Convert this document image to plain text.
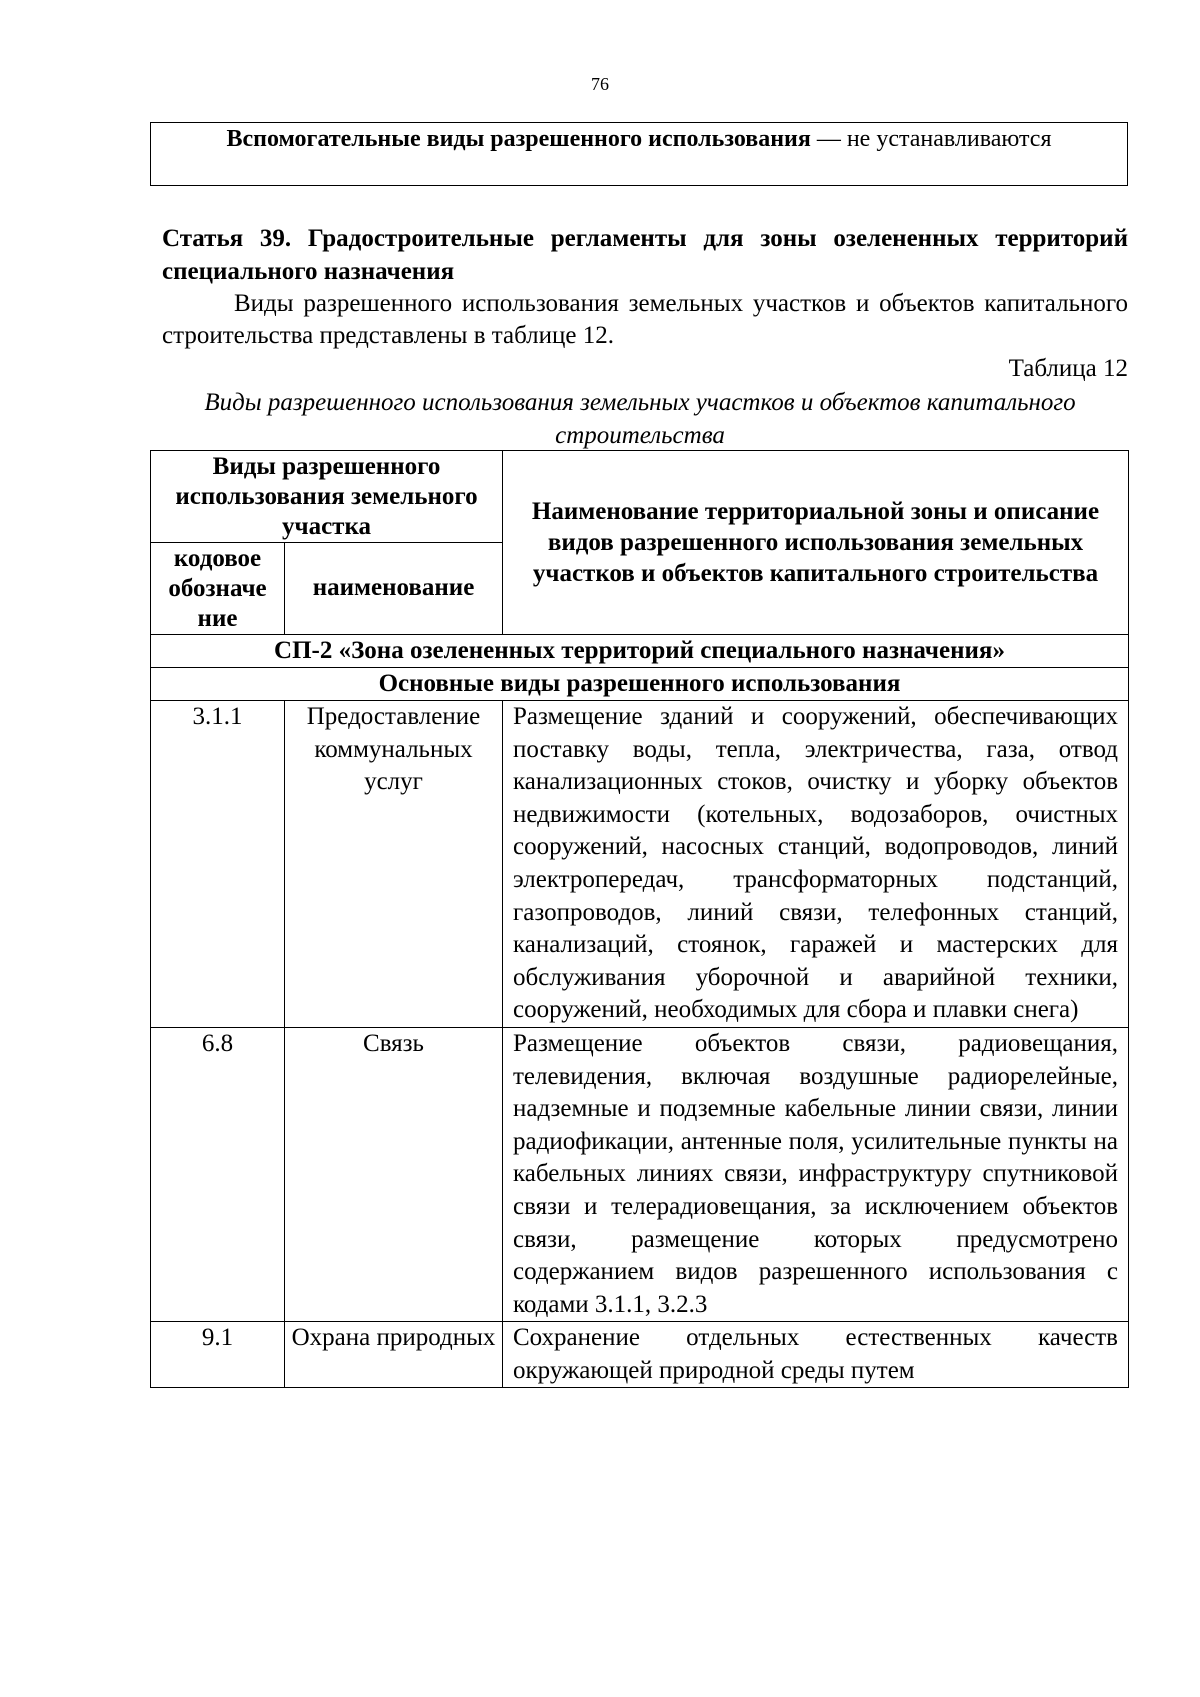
76
Вспомогательные виды разрешенного использования — не устанавливаются
Статья 39. Градостроительные регламенты для зоны озелененных территорий специального назначения
Виды разрешенного использования земельных участков и объектов капитального строительства представлены в таблице 12.
Таблица 12
Виды разрешенного использования земельных участков и объектов капитального строительства
Виды разрешенного использования земельного участка		Наименование территориальной зоны и описание видов разрешенного использования земельных участков и объектов капитального строительства
кодовое обозначе ние	наименование	
СП-2 «Зона озелененных территорий специального назначения»		
Основные виды разрешенного использования		
3.1.1	Предоставление коммунальных услуг	Размещение зданий и сооружений, обеспечивающих поставку воды, тепла, электричества, газа, отвод канализационных стоков, очистку и уборку объектов недвижимости (котельных, водозаборов, очистных сооружений, насосных станций, водопроводов, линий электропередач, трансформаторных подстанций, газопроводов, линий связи, телефонных станций, канализаций, стоянок, гаражей и мастерских для обслуживания уборочной и аварийной техники, сооружений, необходимых для сбора и плавки снега)
6.8	Связь	Размещение объектов связи, радиовещания, телевидения, включая воздушные радиорелейные, надземные и подземные кабельные линии связи, линии радиофикации, антенные поля, усилительные пункты на кабельных линиях связи, инфраструктуру спутниковой связи и телерадиовещания, за исключением объектов связи, размещение которых предусмотрено содержанием видов разрешенного использования с кодами 3.1.1, 3.2.3
9.1	Охрана природных	Сохранение отдельных естественных качеств окружающей природной среды путем
